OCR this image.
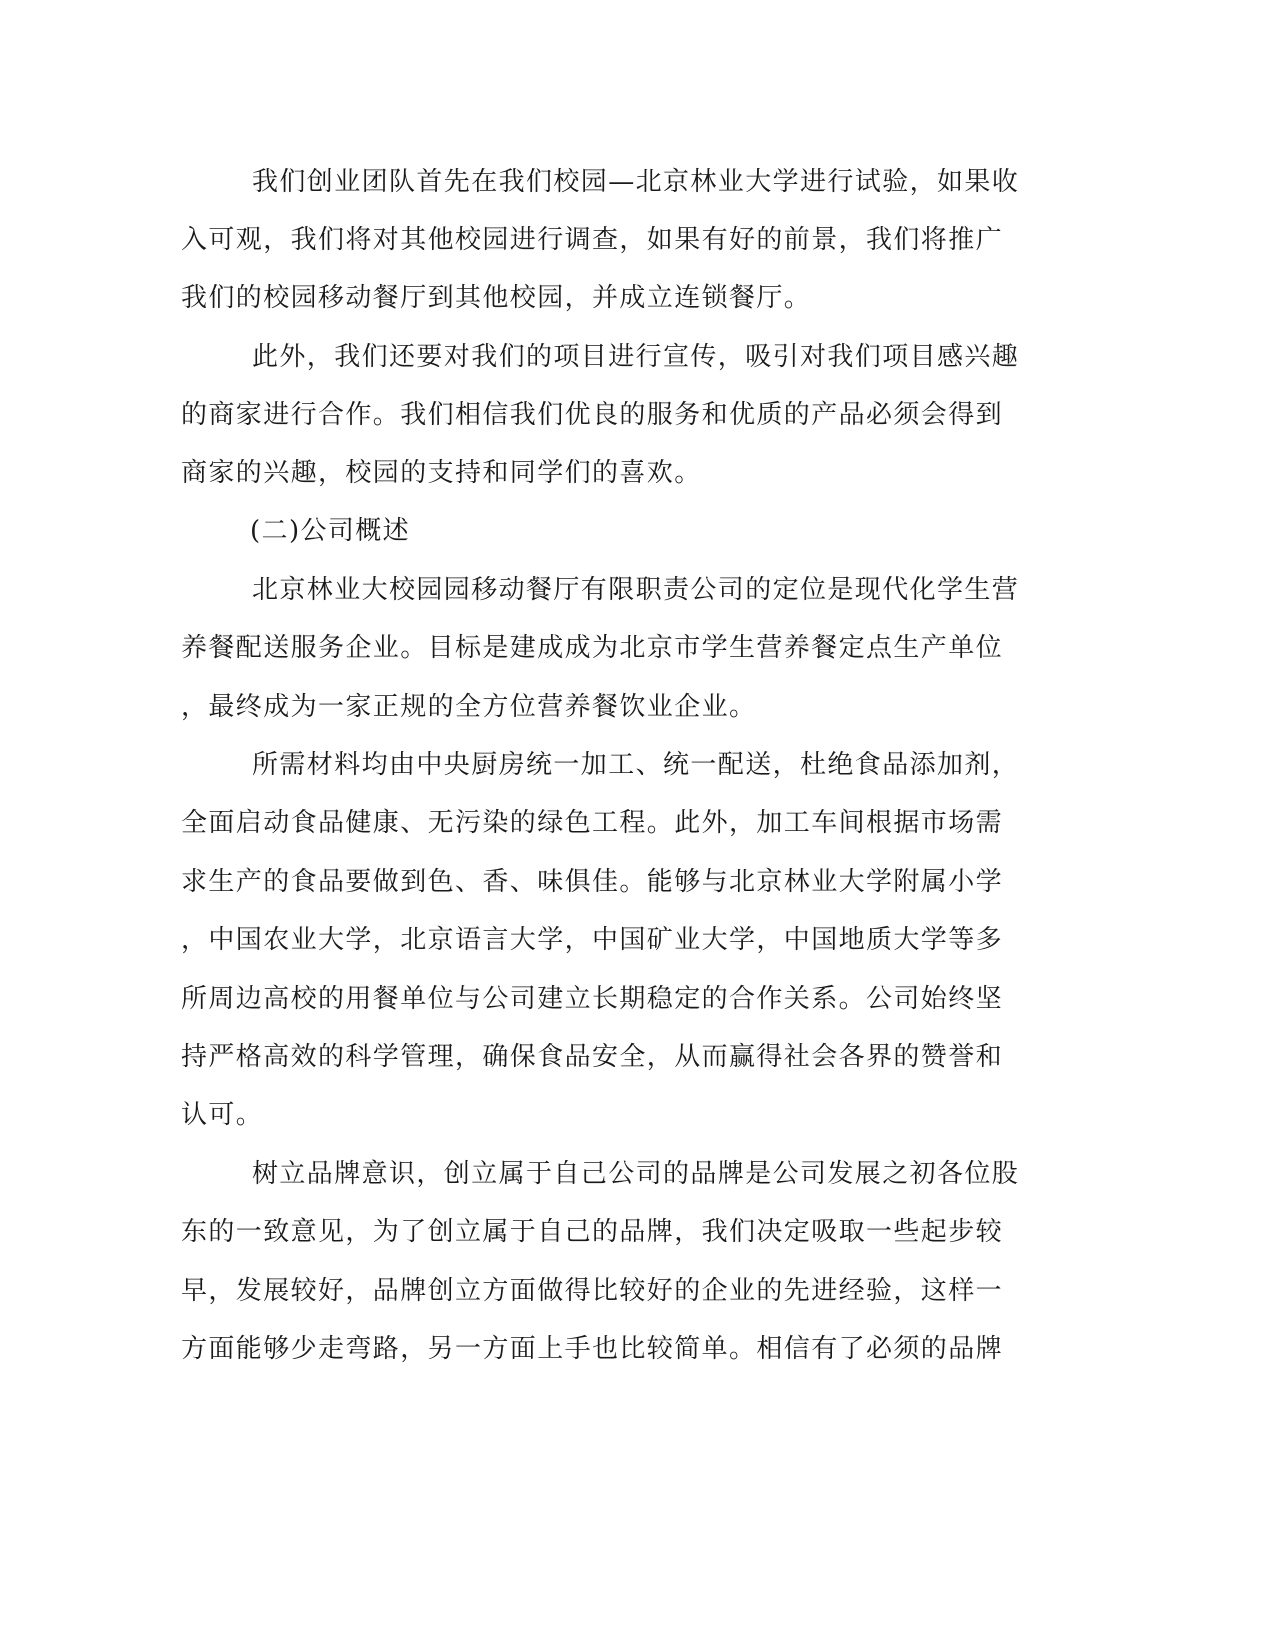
我们创业团队首先在我们校园—北京林业大学进行试验，如果收
入可观，我们将对其他校园进行调查，如果有好的前景，我们将推广
我们的校园移动餐厅到其他校园，并成立连锁餐厅。
此外，我们还要对我们的项目进行宣传，吸引对我们项目感兴趣
的商家进行合作。我们相信我们优良的服务和优质的产品必须会得到
商家的兴趣，校园的支持和同学们的喜欢。
(二)公司概述
北京林业大校园园移动餐厅有限职责公司的定位是现代化学生营
养餐配送服务企业。目标是建成成为北京市学生营养餐定点生产单位
，最终成为一家正规的全方位营养餐饮业企业。
所需材料均由中央厨房统一加工、统一配送，杜绝食品添加剂，
全面启动食品健康、无污染的绿色工程。此外，加工车间根据市场需
求生产的食品要做到色、香、味俱佳。能够与北京林业大学附属小学
，中国农业大学，北京语言大学，中国矿业大学，中国地质大学等多
所周边高校的用餐单位与公司建立长期稳定的合作关系。公司始终坚
持严格高效的科学管理，确保食品安全，从而赢得社会各界的赞誉和
认可。
树立品牌意识，创立属于自己公司的品牌是公司发展之初各位股
东的一致意见，为了创立属于自己的品牌，我们决定吸取一些起步较
早，发展较好，品牌创立方面做得比较好的企业的先进经验，这样一
方面能够少走弯路，另一方面上手也比较简单。相信有了必须的品牌
